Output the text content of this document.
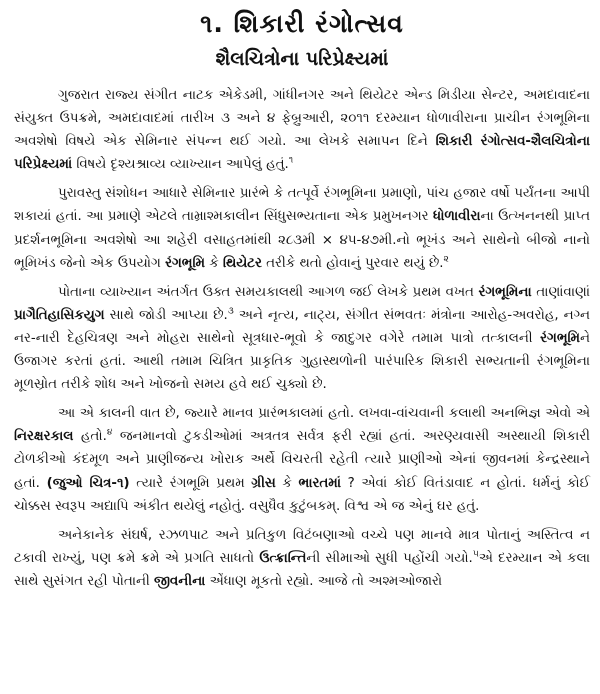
૧. શિકારી રંગોત્સવ
શૈલચિત્રોના પરિપ્રેક્ષ્યમાં

ગુજરાત રાજ્ય સંગીત નાટક એકેડમી, ગાંધીનગર અને થિયેટર એન્ડ મિડીયા સેન્ટર, અમદાવાદના સંયુક્ત ઉપક્રમે, અમદાવાદમાં તારીખ ૩ અને ૪ ફેબ્રુઆરી, ૨૦૧૧ દરમ્યાન ધોળાવીરાના પ્રાચીન રંગભૂમિના અવશેષો વિષયે એક સેમિનાર સંપન્ન થઈ ગયો. આ લેખકે સમાપન દિને શિકારી રંગોત્સવ-શૈલચિત્રોના પરિપ્રેક્ષ્યમાં વિષયે દૃશ્યશ્રાવ્ય વ્યાખ્યાન આપેલું હતું.$^૧$

પુરાવસ્તુ સંશોધન આધારે સેમિનાર પ્રારંભે કે તત્પૂર્વે રંગભૂમિના પ્રમાણો, પાંચ હજાર વર્ષો પર્યંતના આપી શકાયાં હતાં. આ પ્રમાણે એટલે તામ્રાશ્મકાલીન સિંધુસભ્યતાના એક પ્રમુખનગર ધોળાવીરાના ઉત્ખનનથી પ્રાપ્ત પ્રદર્શનભૂમિના અવશેષો આ શહેરી વસાહતમાંથી ૨૮૩મી × ૪૫-૪૭મી.નો ભૂખંડ અને સાથેનો બીજો નાનો ભૂમિખંડ જેનો એક ઉપયોગ રંગભૂમિ કે થિયેટર તરીકે થતો હોવાનું પુરવાર થયું છે.$^૨$

પોતાના વ્યાખ્યાન અંતર્ગત ઉક્ત સમયકાલથી આગળ જઈ લેખકે પ્રથમ વખત રંગભૂમિના તાણાંવાણાં પ્રાગૈતિહાસિકયુગ સાથે જોડી આપ્યા છે.$^૩$ અને નૃત્ય, નાટ્ય, સંગીત સંભવતઃ મંત્રોના આરોહ-અવરોહ, નગ્ન નર-નારી દેહચિત્રણ અને મોહરા સાથેનો સૂત્રધાર-ભૂવો કે જાદુગર વગેરે તમામ પાત્રો તત્કાલની રંગભૂમિને ઉજાગર કરતાં હતાં. આથી તમામ ચિત્રિત પ્રાકૃતિક ગુહાસ્થળોની પારંપારિક શિકારી સભ્યતાની રંગભૂમિના મૂળસ્રોત તરીકે શોધ અને ખોજનો સમય હવે થઈ ચુક્યો છે.

આ એ કાલની વાત છે, જ્યારે માનવ પ્રારંભકાલમાં હતો. લખવા-વાંચવાની કલાથી અનભિજ્ઞ એવો એ નિરક્ષરકાલ હતો.$^૪$ જનમાનવો ટુકડીઓમાં અત્રતત્ર સર્વત્ર ફરી રહ્યાં હતાં. અરણ્યવાસી અસ્થાયી શિકારી ટોળકીઓ કંદમૂળ અને પ્રાણીજન્ય ખોરાક અર્થે વિચરતી રહેતી ત્યારે પ્રાણીઓ એનાં જીવનમાં કેન્દ્રસ્થાને હતાં. (જુઓ ચિત્ર-૧) ત્યારે રંગભૂમિ પ્રથમ ગ્રીસ કે ભારતમાં ? એવાં કોઈ વિતંડાવાદ ન હોતાં. ધર્મનું કોઈ ચોક્કસ સ્વરૂપ અદ્યાપિ અંકીત થયેલું નહોતું. વસુધૈવ કુટુંબકમ્. વિશ્વ એ જ એનું ઘર હતું.

અનેકાનેક સંઘર્ષ, રઝળપાટ અને પ્રતિકુળ વિટંબણાઓ વચ્ચે પણ માનવે માત્ર પોતાનું અસ્તિત્વ ન ટકાવી રાખ્યું, પણ ક્રમે ક્રમે એ પ્રગતિ સાધતો ઉત્ક્રાન્તિની સીમાઓ સુધી પહોંચી ગયો.$^૫$એ દરમ્યાન એ કલા સાથે સુસંગત રહી પોતાની જીવનીના એંધાણ મૂકતો રહ્યો. આજે તો અશ્મઓજારો
